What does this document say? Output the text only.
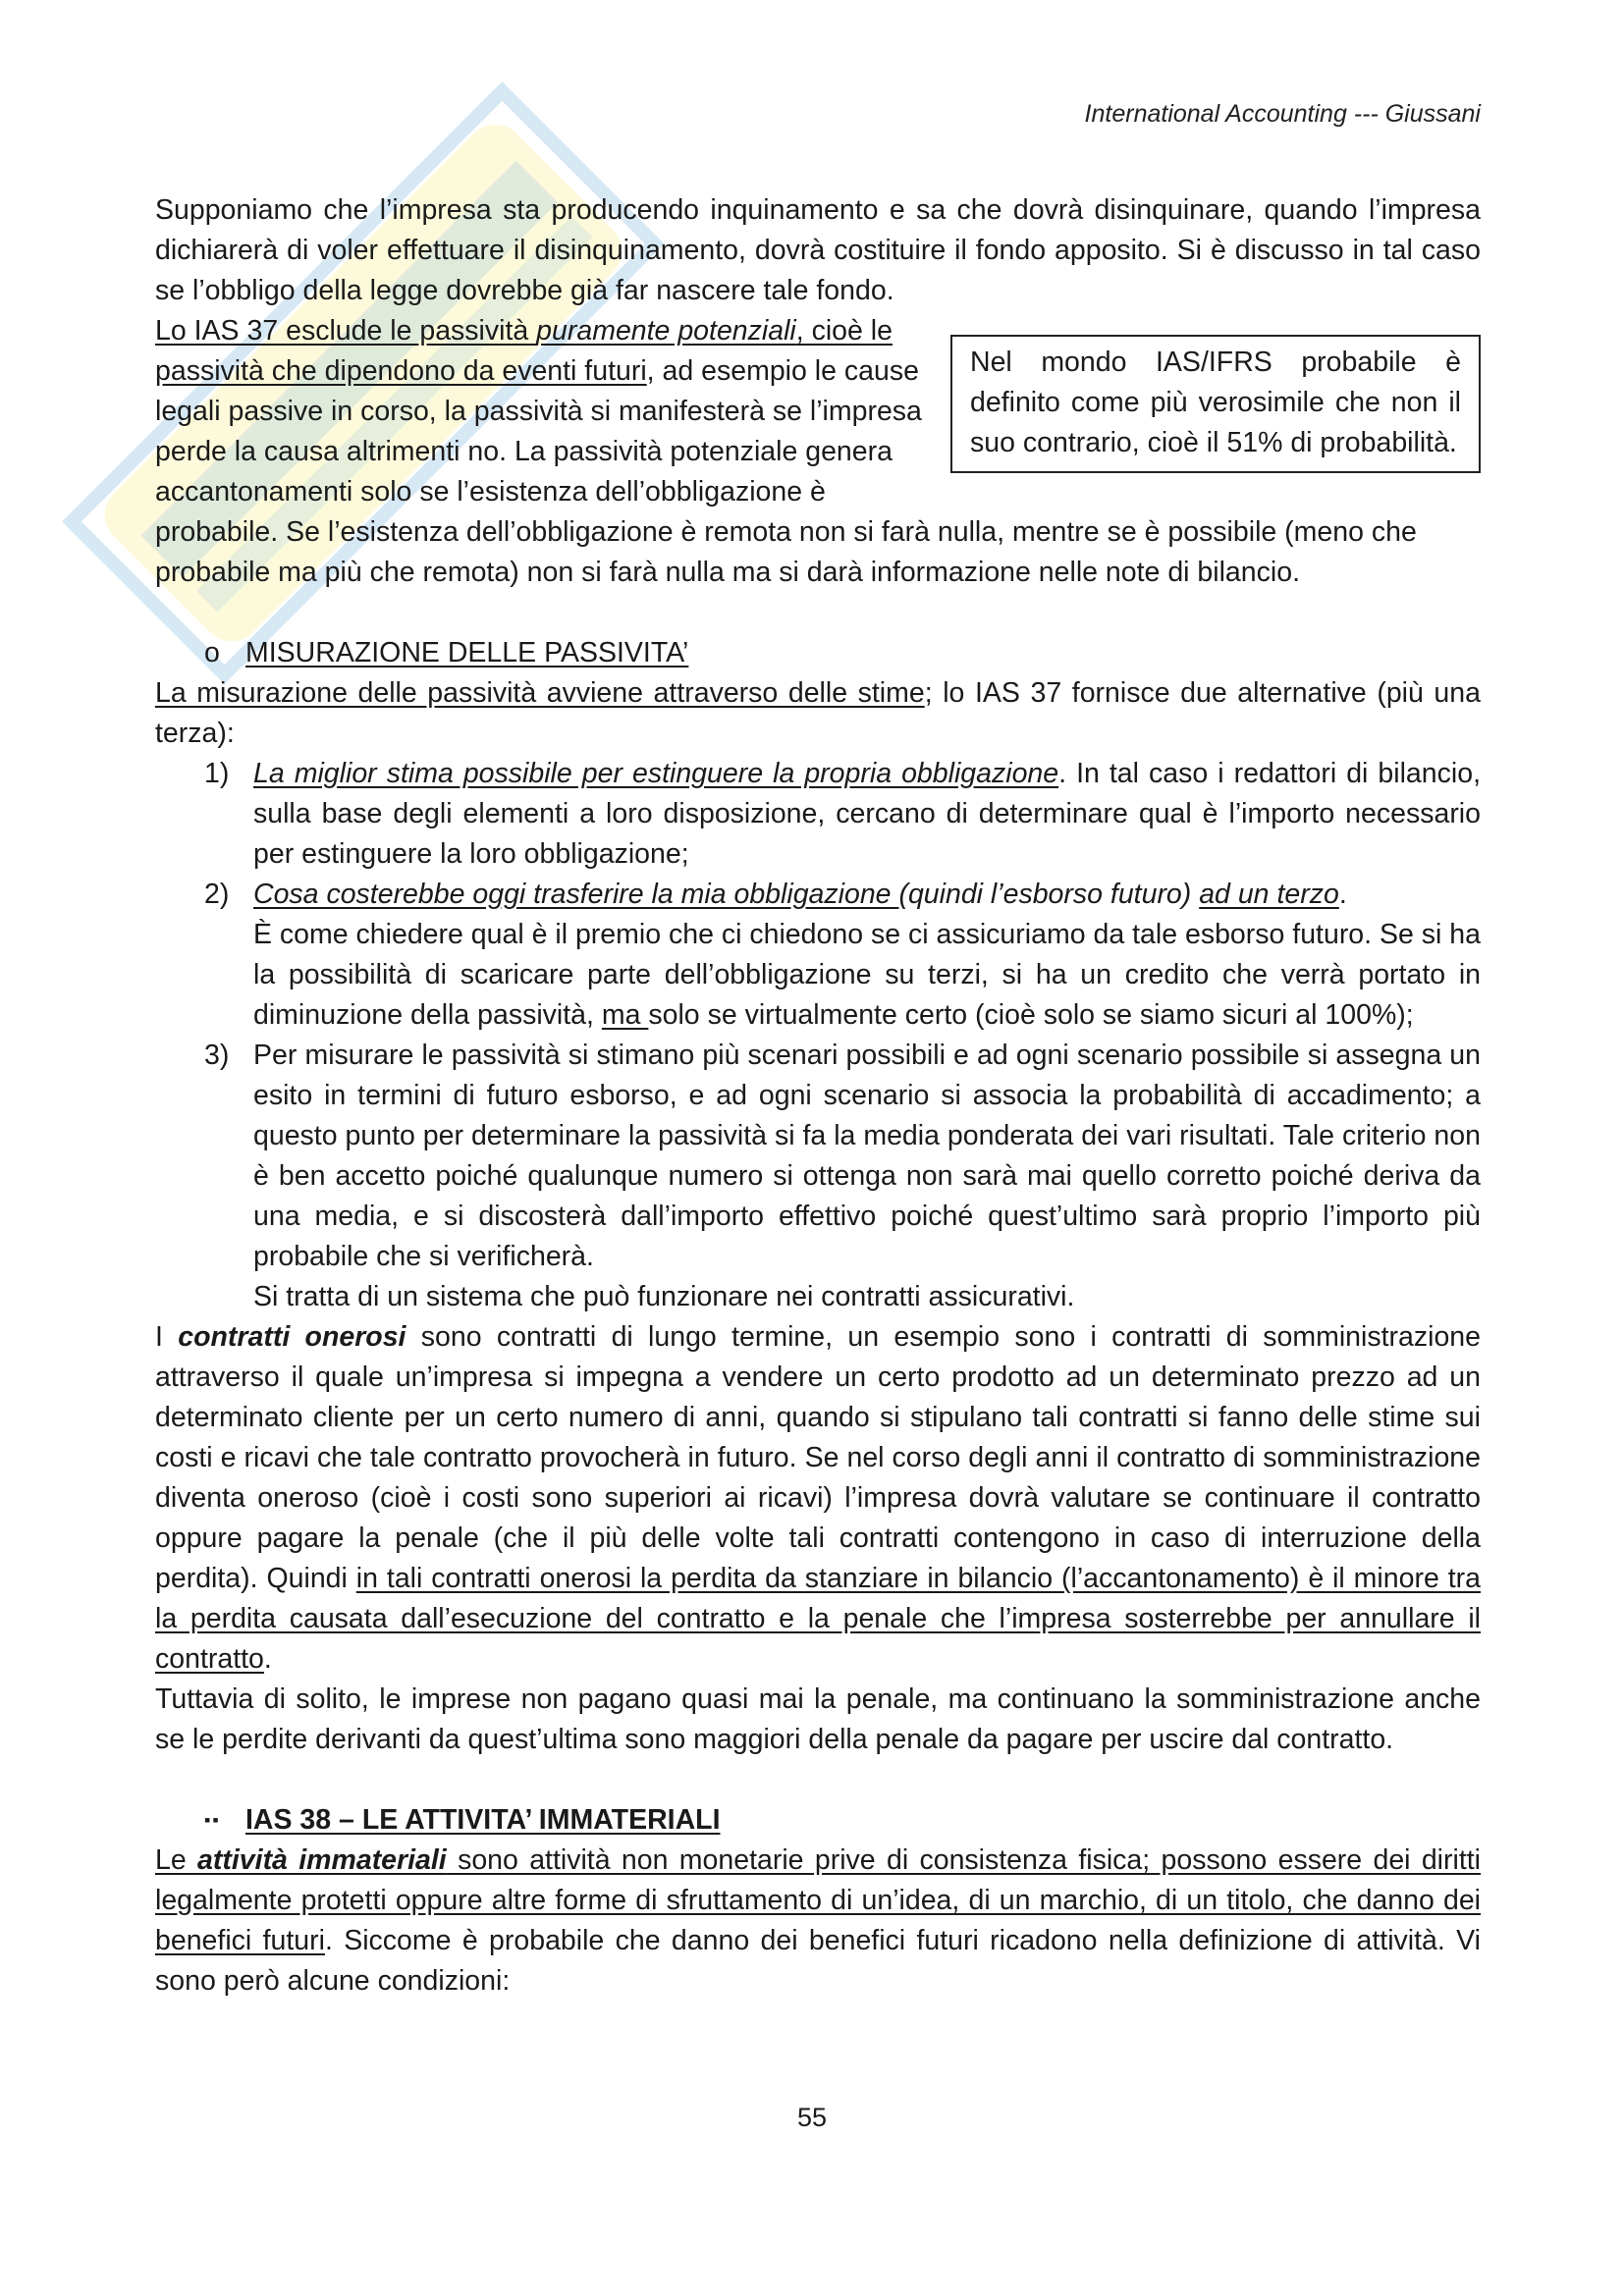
International Accounting --- Giussani

Supponiamo che l’impresa sta producendo inquinamento e sa che dovrà disinquinare, quando l’impresa dichiarerà di voler effettuare il disinquinamento, dovrà costituire il fondo apposito. Si è discusso in tal caso se l’obbligo della legge dovrebbe già far nascere tale fondo.

Nel mondo IAS/IFRS probabile è definito come più verosimile che non il suo contrario, cioè il 51% di probabilità.
Lo IAS 37 esclude le passività puramente potenziali, cioè le passività che dipendono da eventi futuri, ad esempio le cause legali passive in corso, la passività si manifesterà se l’impresa perde la causa altrimenti no. La passività potenziale genera accantonamenti solo se l’esistenza dell’obbligazione è probabile. Se l’esistenza dell’obbligazione è remota non si farà nulla, mentre se è possibile (meno che probabile ma più che remota) non si farà nulla ma si darà informazione nelle note di bilancio.

o MISURAZIONE DELLE PASSIVITA’

La misurazione delle passività avviene attraverso delle stime; lo IAS 37 fornisce due alternative (più una terza):

1) La miglior stima possibile per estinguere la propria obbligazione. In tal caso i redattori di bilancio, sulla base degli elementi a loro disposizione, cercano di determinare qual è l’importo necessario per estinguere la loro obbligazione;
2) Cosa costerebbe oggi trasferire la mia obbligazione (quindi l’esborso futuro) ad un terzo.
È come chiedere qual è il premio che ci chiedono se ci assicuriamo da tale esborso futuro. Se si ha la possibilità di scaricare parte dell’obbligazione su terzi, si ha un credito che verrà portato in diminuzione della passività, ma solo se virtualmente certo (cioè solo se siamo sicuri al 100%);
3) Per misurare le passività si stimano più scenari possibili e ad ogni scenario possibile si assegna un esito in termini di futuro esborso, e ad ogni scenario si associa la probabilità di accadimento; a questo punto per determinare la passività si fa la media ponderata dei vari risultati. Tale criterio non è ben accetto poiché qualunque numero si ottenga non sarà mai quello corretto poiché deriva da una media, e si discosterà dall’importo effettivo poiché quest’ultimo sarà proprio l’importo più probabile che si verificherà.

Si tratta di un sistema che può funzionare nei contratti assicurativi.

I contratti onerosi sono contratti di lungo termine, un esempio sono i contratti di somministrazione attraverso il quale un’impresa si impegna a vendere un certo prodotto ad un determinato prezzo ad un determinato cliente per un certo numero di anni, quando si stipulano tali contratti si fanno delle stime sui costi e ricavi che tale contratto provocherà in futuro. Se nel corso degli anni il contratto di somministrazione diventa oneroso (cioè i costi sono superiori ai ricavi) l’impresa dovrà valutare se continuare il contratto oppure pagare la penale (che il più delle volte tali contratti contengono in caso di interruzione della perdita). Quindi in tali contratti onerosi la perdita da stanziare in bilancio (l’accantonamento) è il minore tra la perdita causata dall’esecuzione del contratto e la penale che l’impresa sosterrebbe per annullare il contratto.

Tuttavia di solito, le imprese non pagano quasi mai la penale, ma continuano la somministrazione anche se le perdite derivanti da quest’ultima sono maggiori della penale da pagare per uscire dal contratto.

▪▪ IAS 38 – LE ATTIVITA’ IMMATERIALI

Le attività immateriali sono attività non monetarie prive di consistenza fisica; possono essere dei diritti legalmente protetti oppure altre forme di sfruttamento di un’idea, di un marchio, di un titolo, che danno dei benefici futuri. Siccome è probabile che danno dei benefici futuri ricadono nella definizione di attività. Vi sono però alcune condizioni:

55
